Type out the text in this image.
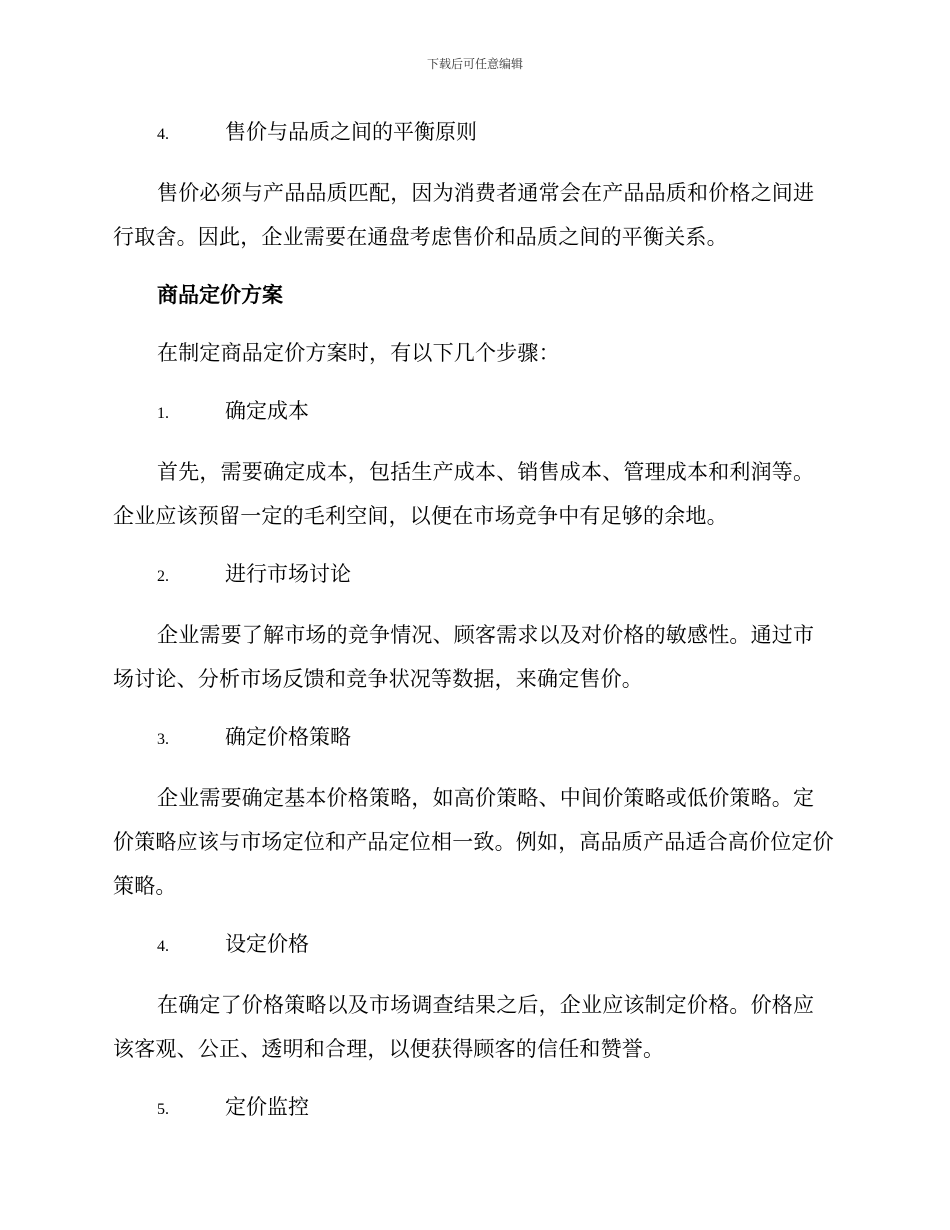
下载后可任意编辑
4.	售价与品质之间的平衡原则

售价必须与产品品质匹配，因为消费者通常会在产品品质和价格之间进行取舍。因此，企业需要在通盘考虑售价和品质之间的平衡关系。

商品定价方案

在制定商品定价方案时，有以下几个步骤：

1.	确定成本

首先，需要确定成本，包括生产成本、销售成本、管理成本和利润等。企业应该预留一定的毛利空间，以便在市场竞争中有足够的余地。

2.	进行市场讨论

企业需要了解市场的竞争情况、顾客需求以及对价格的敏感性。通过市场讨论、分析市场反馈和竞争状况等数据，来确定售价。

3.	确定价格策略

企业需要确定基本价格策略，如高价策略、中间价策略或低价策略。定价策略应该与市场定位和产品定位相一致。例如，高品质产品适合高价位定价策略。

4.	设定价格

在确定了价格策略以及市场调查结果之后，企业应该制定价格。价格应该客观、公正、透明和合理，以便获得顾客的信任和赞誉。

5.	定价监控
